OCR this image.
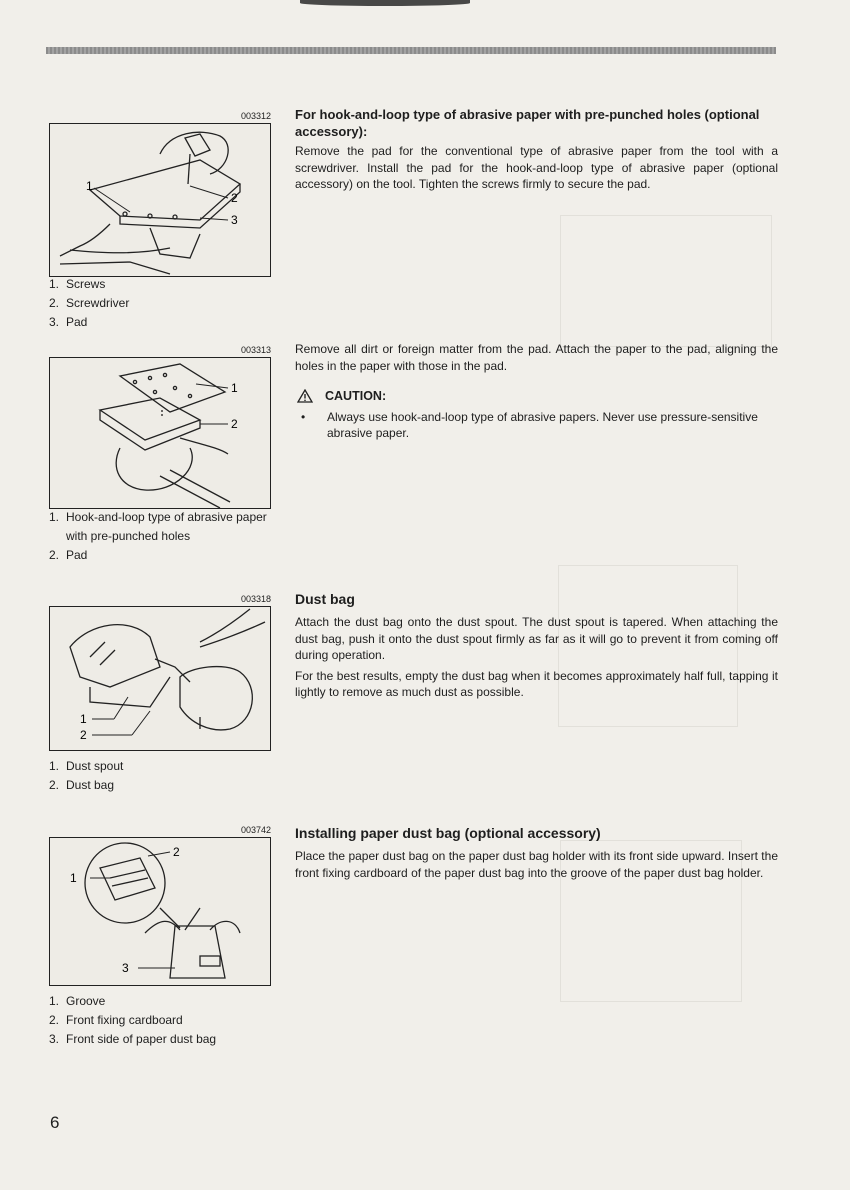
003312
1
2
3
1. Screws
2. Screwdriver
3. Pad
003313
1
2
1. Hook-and-loop type of abrasive paper with pre-punched holes
2. Pad
003318
1
2
1. Dust spout
2. Dust bag
003742
1
2
3
1. Groove
2. Front fixing cardboard
3. Front side of paper dust bag

For hook-and-loop type of abrasive paper with pre-punched holes (optional accessory):

Remove the pad for the conventional type of abrasive paper from the tool with a screwdriver. Install the pad for the hook-and-loop type of abrasive paper (optional accessory) on the tool. Tighten the screws firmly to secure the pad.

Remove all dirt or foreign matter from the pad. Attach the paper to the pad, aligning the holes in the paper with those in the pad.

CAUTION:
•	Always use hook-and-loop type of abrasive papers. Never use pressure-sensitive abrasive paper.

Dust bag

Attach the dust bag onto the dust spout. The dust spout is tapered. When attaching the dust bag, push it onto the dust spout firmly as far as it will go to prevent it from coming off during operation.

For the best results, empty the dust bag when it becomes approximately half full, tapping it lightly to remove as much dust as possible.

Installing paper dust bag (optional accessory)

Place the paper dust bag on the paper dust bag holder with its front side upward. Insert the front fixing cardboard of the paper dust bag into the groove of the paper dust bag holder.

6
